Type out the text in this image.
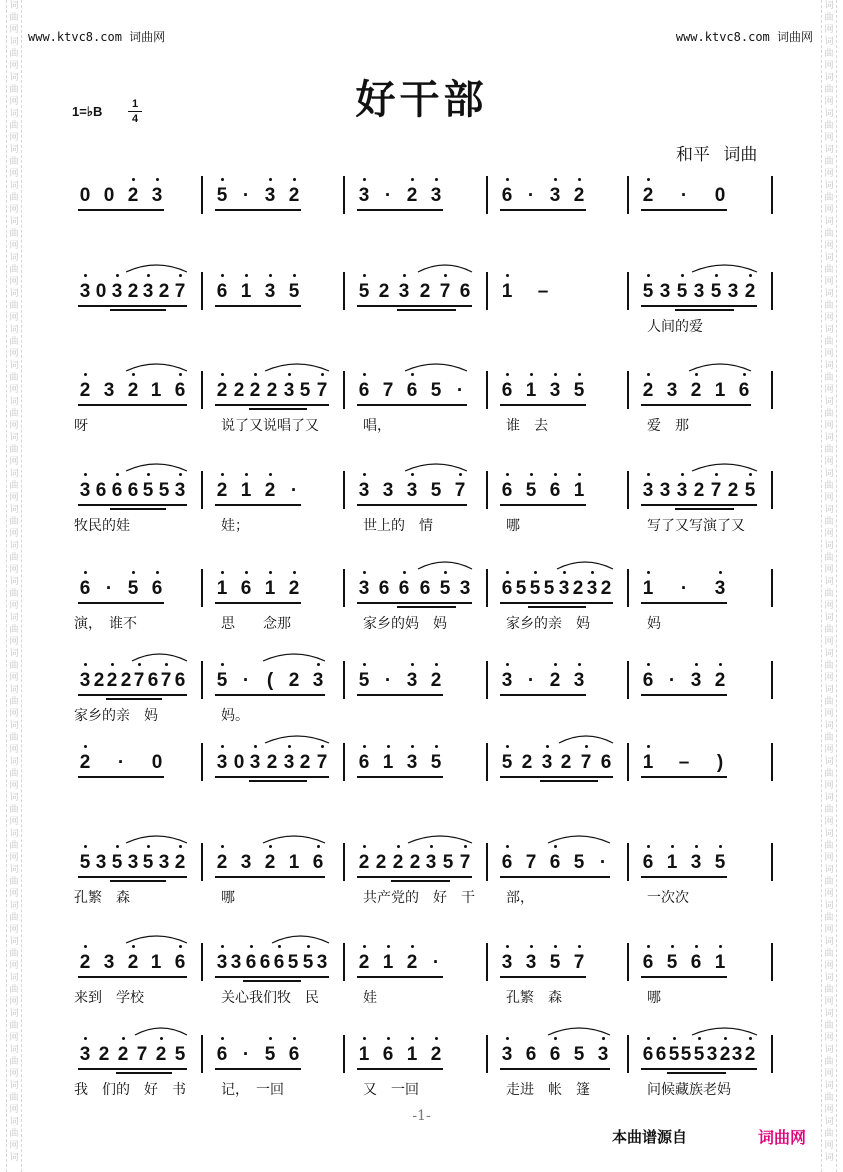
词
曲
网
词
曲
网
词
曲
网
词
曲
网
词
曲
网
词
曲
网
词
曲
网
词
曲
网
词
曲
网
词
曲
网
词
曲
网
词
曲
网
词
曲
网
词
曲
网
词
曲
网
词
曲
网
词
曲
网
词
曲
网
词
曲
网
词
曲
网
词
曲
网
词
曲
网
词
曲
网
词
曲
网
词
曲
网
词
曲
网
词
曲
网
词
曲
网
词
曲
网
词
曲
网
词
曲
网
词
曲
网
词
词
曲
网
词
曲
网
词
曲
网
词
曲
网
词
曲
网
词
曲
网
词
曲
网
词
曲
网
词
曲
网
词
曲
网
词
曲
网
词
曲
网
词
曲
网
词
曲
网
词
曲
网
词
曲
网
词
曲
网
词
曲
网
词
曲
网
词
曲
网
词
曲
网
词
曲
网
词
曲
网
词
曲
网
词
曲
网
词
曲
网
词
曲
网
词
曲
网
词
曲
网
词
曲
网
词
曲
网
词
曲
网
词
www.ktvc8.com 词曲网	www.ktvc8.com 词曲网
好干部
1=♭B	1
4
和平 词曲
0 0 2 3	5 · 3 2	3 · 2 3	6 · 3 2	2 · 0
3 0 3 2 3 2 7 6 1 3 5	5 2 3 2 7 6 1 –	5 3 5 3 5 3 2
人间的爱
2 3 2 1 6 2 2 2 2 3 5 7 6 7 6 5 · 6 1 3 5	2 3 2 1 6
呀	说了又说唱了又	唱，	谁　去	爱　那
3 6 6 6 5 5 3 2 1 2 ·	3 3 3 5 7 6 5 6 1	3 3 3 2 7 2 5
牧民的娃	娃；	世上的　情	哪	写了又写演了又
6 · 5 6	1 6 1 2	3 6 6 6 5 3 6 5 5 5 3 2 3 2 1 · 3
演，　谁不	思　　念那	家乡的妈　妈	家乡的亲　妈	妈
3 2 2 2 7 6 7 6 5 · ( 2 3 5 · 3 2	3 · 2 3	6 · 3 2
家乡的亲　妈	妈。
2 · 0	3 0 3 2 3 2 7 6 1 3 5	5 2 3 2 7 6 1 – )
5 3 5 3 5 3 2 2 3 2 1 6 2 2 2 2 3 5 7 6 7 6 5 · 6 1 3 5
孔繁　森	哪	共产党的　好　干 部，	一次次
2 3 2 1 6 3 3 6 6 6 5 5 3 2 1 2 ·	3 3 5 7	6 5 6 1
来到　学校	关心我们牧　民	娃	孔繁　森	哪
3 2 2 7 2 5 6 · 5 6	1 6 1 2	3 6 6 5 3 6 6 5 5 5 3 2 3 2
我　们的　好　书	记，　一回	又　一回	走进　帐　篷	问候藏族老妈
-1-
本曲谱源自	词曲网
